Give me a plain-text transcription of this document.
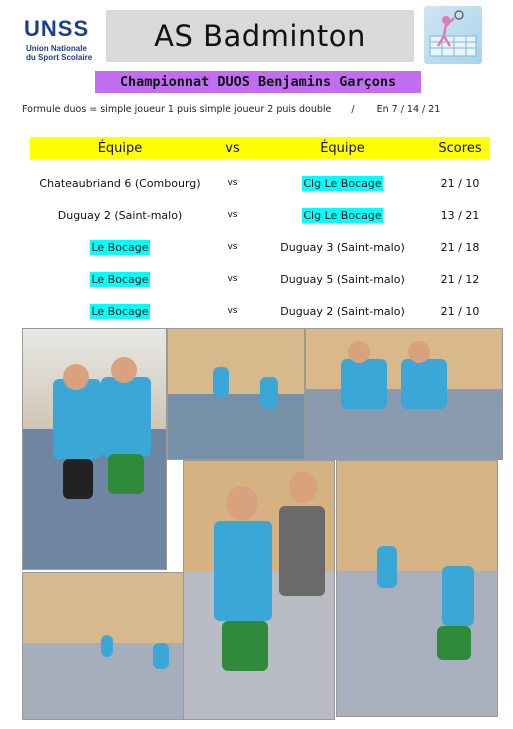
UNSS
Union Nationale
du Sport Scolaire
AS Badminton
Championnat DUOS Benjamins Garçons
Formule duos = simple joueur 1 puis simple joueur 2 puis double / En 7 / 14 / 21
Équipe	vs	Équipe	Scores
Chateaubriand 6 (Combourg)	vs	Clg Le Bocage	21 / 10
Duguay 2 (Saint-malo)	vs	Clg Le Bocage	13 / 21
Le Bocage	vs	Duguay 3 (Saint-malo)	21 / 18
Le Bocage	vs	Duguay 5 (Saint-malo)	21 / 12
Le Bocage	vs	Duguay 2 (Saint-malo)	21 / 10
